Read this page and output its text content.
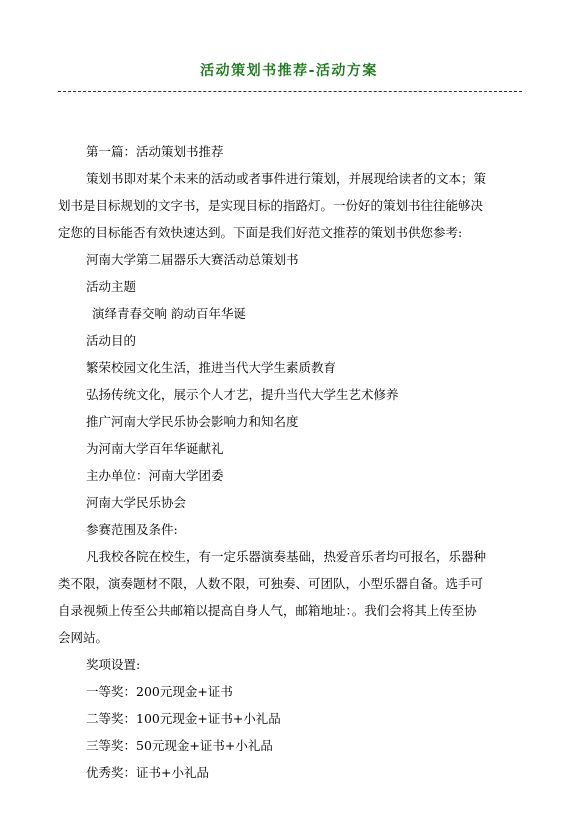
活动策划书推荐-活动方案
第一篇：活动策划书推荐
策划书即对某个未来的活动或者事件进行策划，并展现给读者的文本；策
划书是目标规划的文字书，是实现目标的指路灯。一份好的策划书往往能够决
定您的目标能否有效快速达到。下面是我们好范文推荐的策划书供您参考:
河南大学第二届器乐大赛活动总策划书
活动主题
演绎青春交响 韵动百年华诞
活动目的
繁荣校园文化生活，推进当代大学生素质教育
弘扬传统文化，展示个人才艺，提升当代大学生艺术修养
推广河南大学民乐协会影响力和知名度
为河南大学百年华诞献礼
主办单位：河南大学团委
河南大学民乐协会
参赛范围及条件:
凡我校各院在校生，有一定乐器演奏基础，热爱音乐者均可报名，乐器种
类不限，演奏题材不限，人数不限，可独奏、可团队，小型乐器自备。选手可
自录视频上传至公共邮箱以提高自身人气，邮箱地址：。我们会将其上传至协
会网站。
奖项设置:
一等奖：200元现金+证书
二等奖：100元现金+证书+小礼品
三等奖：50元现金+证书+小礼品
优秀奖：证书+小礼品
